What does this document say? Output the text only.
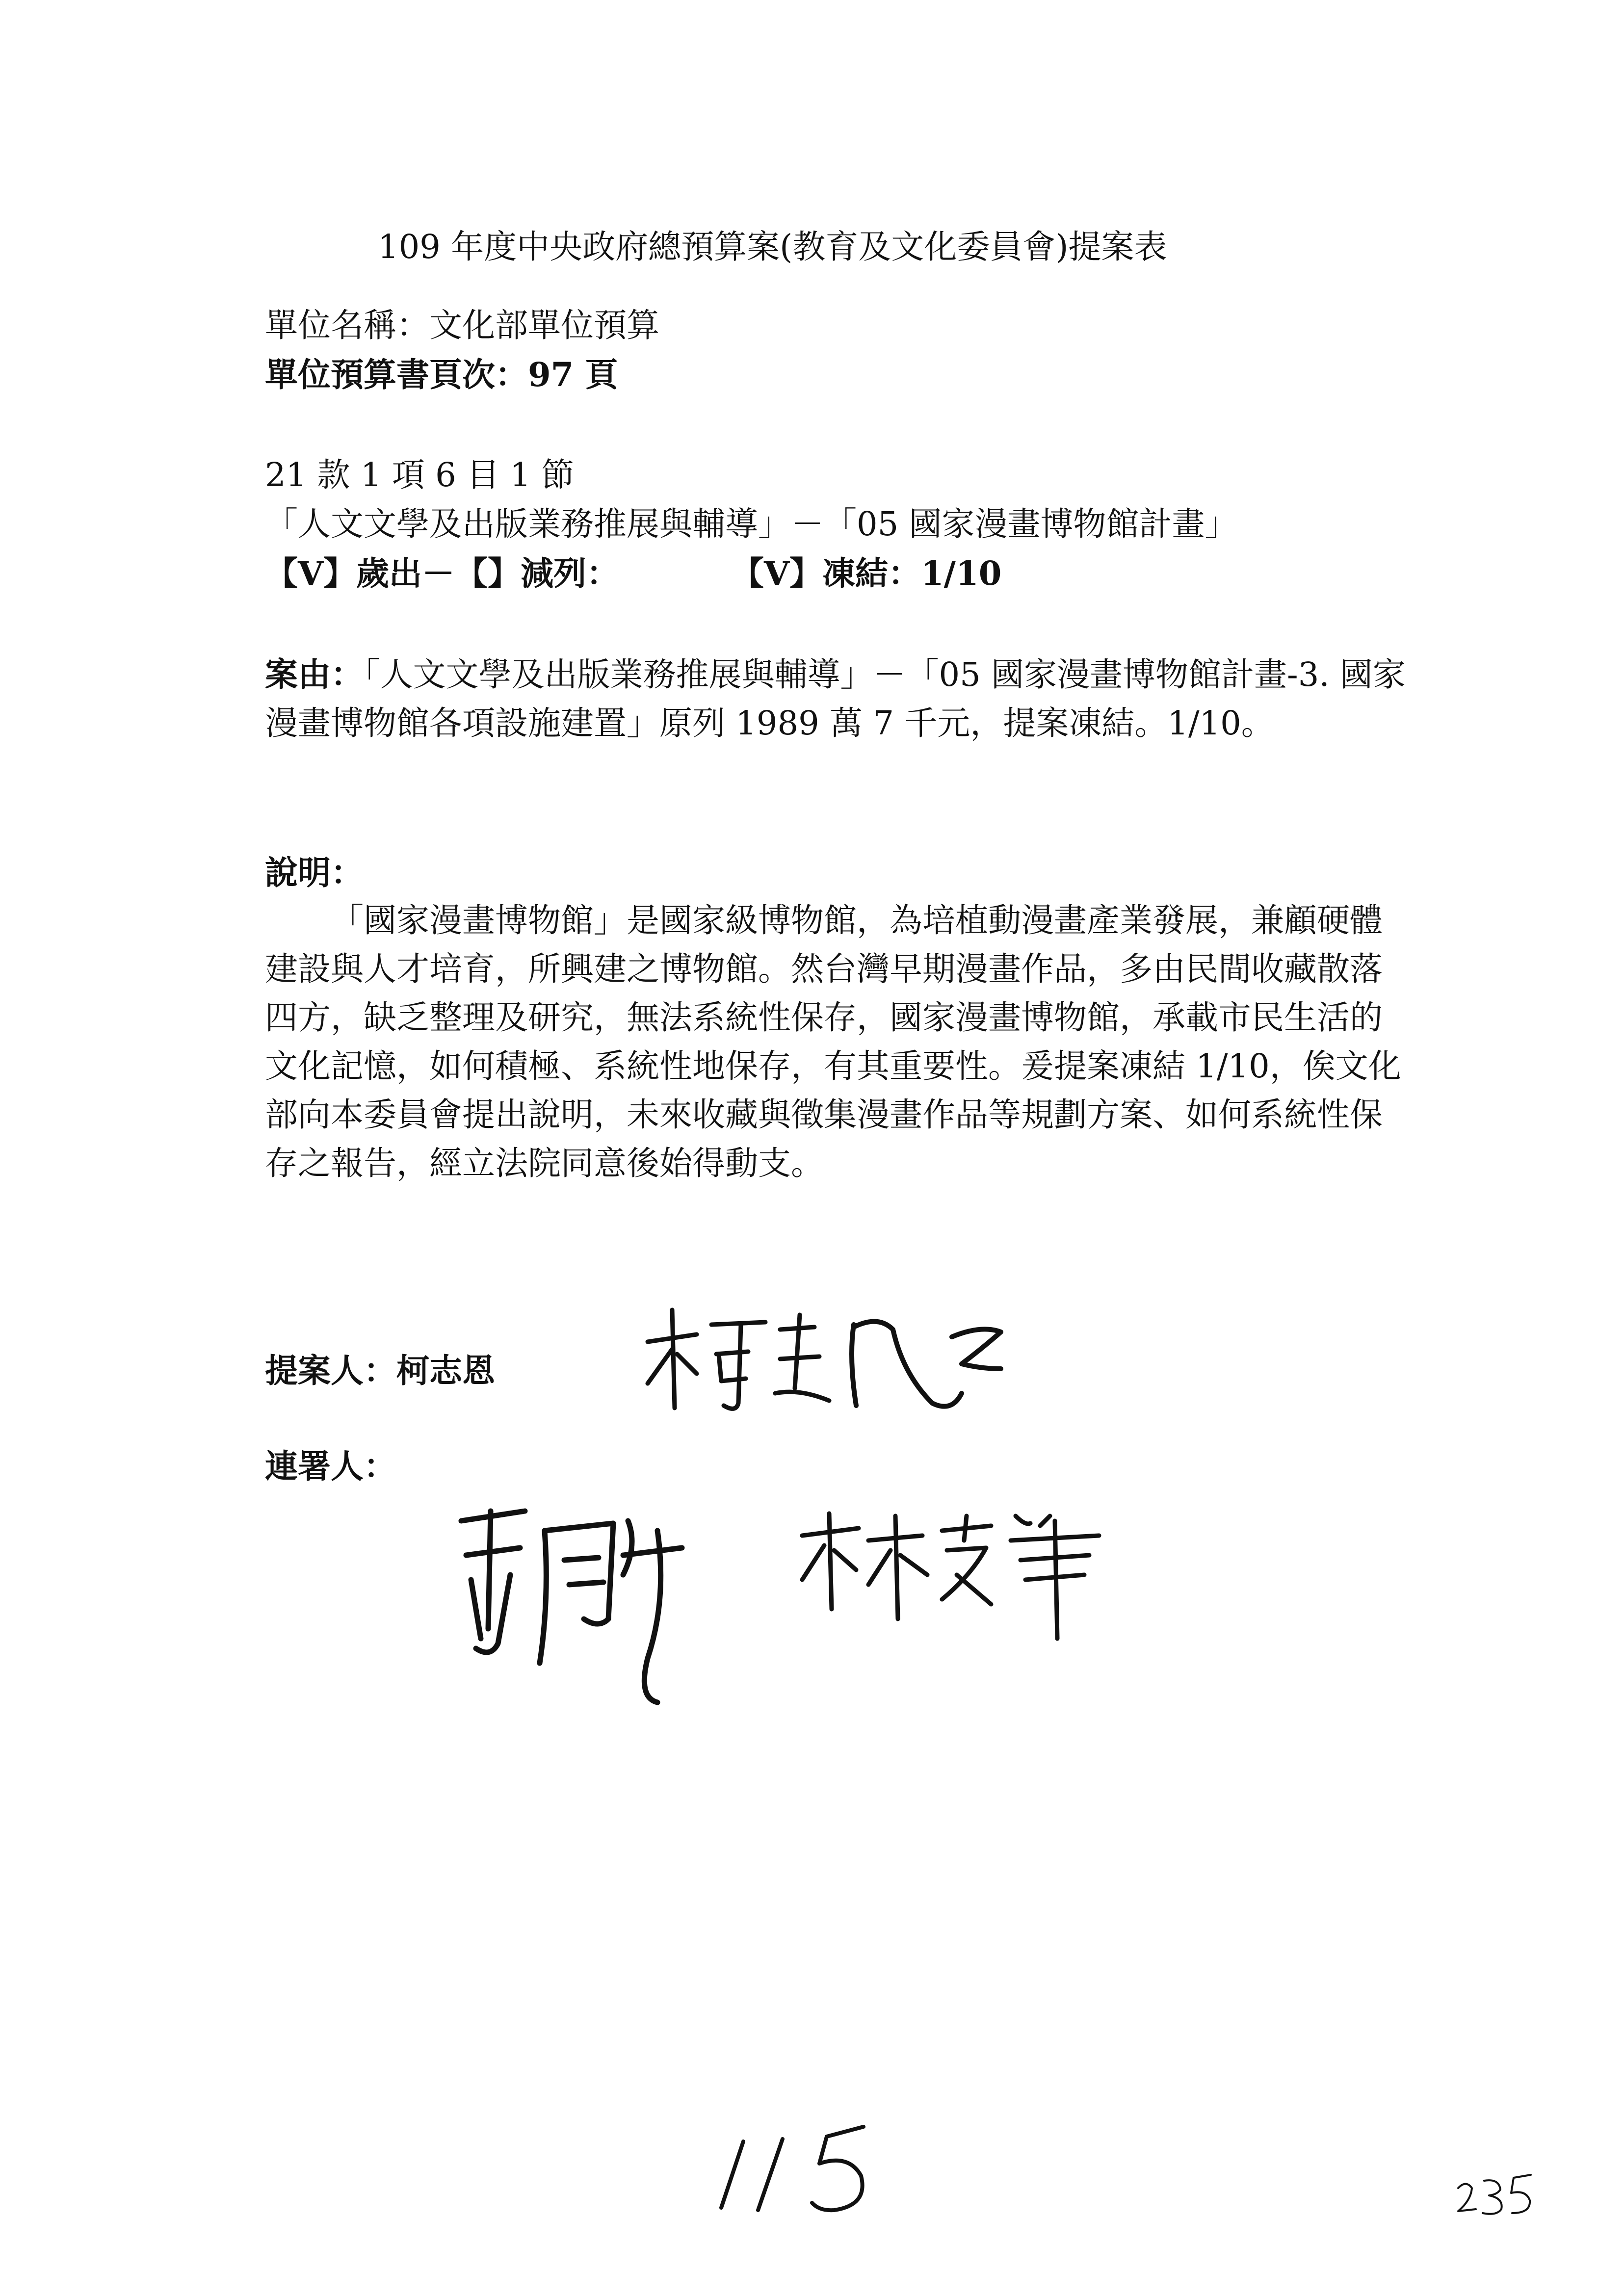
109 年度中央政府總預算案(教育及文化委員會)提案表
單位名稱：文化部單位預算
單位預算書頁次：97 頁
21 款 1 項 6 目 1 節
「人文文學及出版業務推展與輔導」－「05 國家漫畫博物館計畫」
【V】歲出－【】減列：	【V】凍結：1/10
案由：「人文文學及出版業務推展與輔導」－「05 國家漫畫博物館計畫-3. 國家漫畫博物館各項設施建置」原列 1989 萬 7 千元，提案凍結。1/10。
說明：
「國家漫畫博物館」是國家級博物館，為培植動漫畫產業發展，兼顧硬體建設與人才培育，所興建之博物館。然台灣早期漫畫作品，多由民間收藏散落四方，缺乏整理及研究，無法系統性保存，國家漫畫博物館，承載市民生活的文化記憶，如何積極、系統性地保存，有其重要性。爰提案凍結 1/10，俟文化部向本委員會提出說明，未來收藏與徵集漫畫作品等規劃方案、如何系統性保存之報告，經立法院同意後始得動支。
提案人：柯志恩
連署人：
